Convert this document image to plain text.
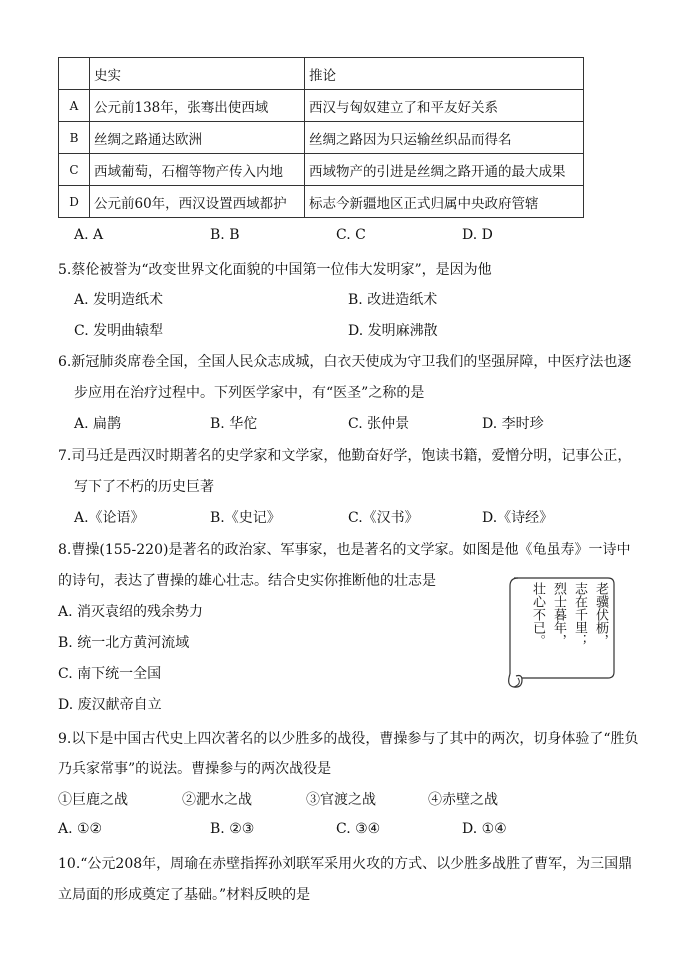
	史实	推论
A	公元前138年，张骞出使西域	西汉与匈奴建立了和平友好关系
B	丝绸之路通达欧洲	丝绸之路因为只运输丝织品而得名
C	西域葡萄，石榴等物产传入内地	西域物产的引进是丝绸之路开通的最大成果
D	公元前60年，西汉设置西域都护	标志今新疆地区正式归属中央政府管辖
A. A	B. B	C. C	D. D
5.蔡伦被誉为“改变世界文化面貌的中国第一位伟大发明家”，是因为他
A. 发明造纸术	B. 改进造纸术
C. 发明曲辕犁	D. 发明麻沸散
6.新冠肺炎席卷全国，全国人民众志成城，白衣天使成为守卫我们的坚强屏障，中医疗法也逐
步应用在治疗过程中。下列医学家中，有“医圣”之称的是
A. 扁鹊	B. 华佗	C. 张仲景	D. 李时珍
7.司马迁是西汉时期著名的史学家和文学家，他勤奋好学，饱读书籍，爱憎分明，记事公正，
写下了不朽的历史巨著
A.《论语》	B.《史记》	C.《汉书》	D.《诗经》
8.曹操(155-220)是著名的政治家、军事家，也是著名的文学家。如图是他《龟虽寿》一诗中
的诗句，表达了曹操的雄心壮志。结合史实你推断他的壮志是
A. 消灭袁绍的残余势力
B. 统一北方黄河流域
C. 南下统一全国
D. 废汉献帝自立
老骥伏枥，
志在千里；
烈士暮年，
壮心不已。
9.以下是中国古代史上四次著名的以少胜多的战役，曹操参与了其中的两次，切身体验了“胜负
乃兵家常事”的说法。曹操参与的两次战役是
①巨鹿之战	②淝水之战	③官渡之战	④赤壁之战
A. ①②	B. ②③	C. ③④	D. ①④
10.“公元208年，周瑜在赤壁指挥孙刘联军采用火攻的方式、以少胜多战胜了曹军，为三国鼎
立局面的形成奠定了基础。”材料反映的是
